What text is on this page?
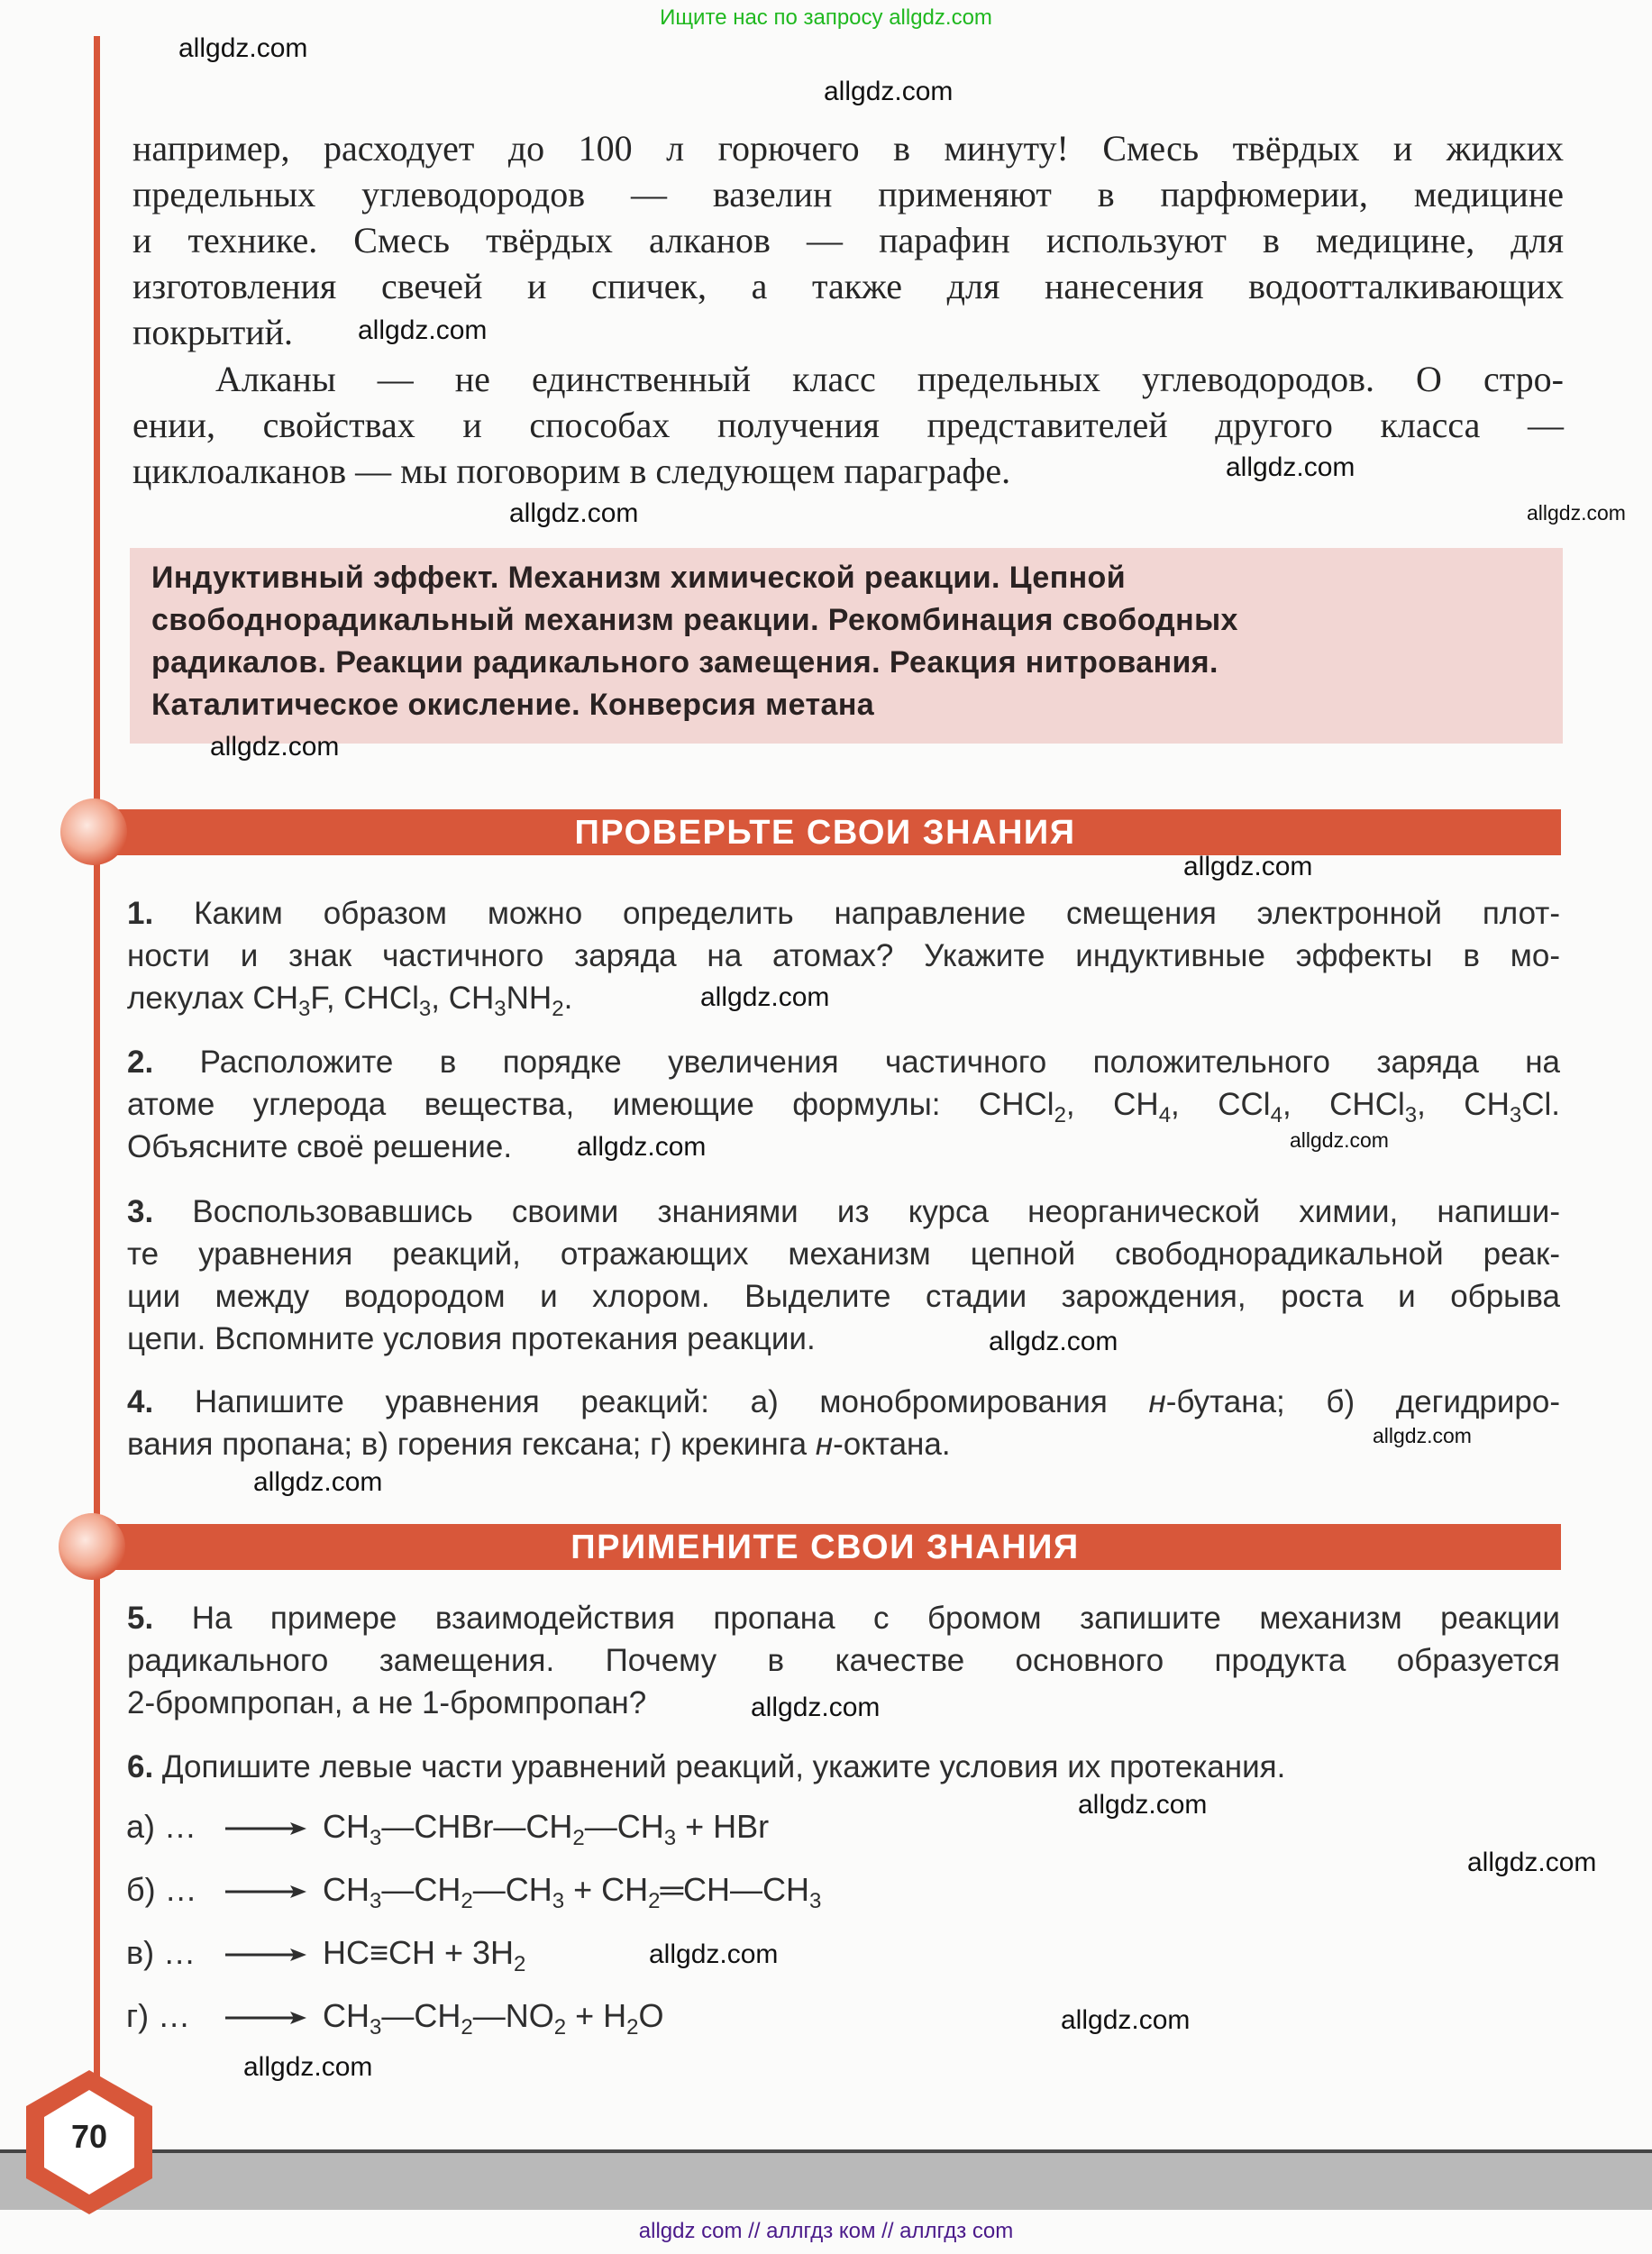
Ищите нас по запросу allgdz.com
например, расходует до 100 л горючего в минуту! Смесь твёрдых и жидких
предельных углеводородов — вазелин применяют в парфюмерии, медицине
и технике. Смесь твёрдых алканов — парафин используют в медицине, для
изготовления свечей и спичек, а также для нанесения водоотталкивающих
покрытий.
Алканы — не единственный класс предельных углеводородов. О стро-
ении, свойствах и способах получения представителей другого класса —
циклоалканов — мы поговорим в следующем параграфе.
Индуктивный эффект. Механизм химической реакции. Цепной
свободнорадикальный механизм реакции. Рекомбинация свободных
радикалов. Реакции радикального замещения. Реакция нитрования.
Каталитическое окисление. Конверсия метана
ПРОВЕРЬТЕ СВОИ ЗНАНИЯ
1. Каким образом можно определить направление смещения электронной плот-
ности и знак частичного заряда на атомах? Укажите индуктивные эффекты в мо-
лекулах $CH_3F$, CHCl$_3$, $CH_3NH_2$.
2. Расположите в порядке увеличения частичного положительного заряда на
атоме углерода вещества, имеющие формулы: CHCl$_2$, $CH_4$, CCl$_4$, CHCl$_3$, $CH_3Cl$.
Объясните своё решение.
3. Воспользовавшись своими знаниями из курса неорганической химии, напиши-
те уравнения реакций, отражающих механизм цепной свободнорадикальной реак-
ции между водородом и хлором. Выделите стадии зарождения, роста и обрыва
цепи. Вспомните условия протекания реакции.
4. Напишите уравнения реакций: а) монобромирования н-бутана; б) дегидриро-
вания пропана; в) горения гексана; г) крекинга н-октана.
ПРИМЕНИТЕ СВОИ ЗНАНИЯ
5. На примере взаимодействия пропана с бромом запишите механизм реакции
радикального замещения. Почему в качестве основного продукта образуется
2-бромпропан, а не 1-бромпропан?
6. Допишите левые части уравнений реакций, укажите условия их протекания.
а) …	$CH_3—CHBr—CH_2—CH_3$ + HBr
б) …	$CH_3—CH_2—CH_3$ + $CH_2═CH—CH_3$
в) …	$HC\equiv CH + 3H_2$
г) …	$CH_3—CH_2—NO_2 + H_2O$
allgdz.com
allgdz.com
allgdz.com
allgdz.com
allgdz.com
allgdz.com
allgdz.com
allgdz.com
allgdz.com
allgdz.com
allgdz.com
allgdz.com
allgdz.com
allgdz.com
allgdz.com
allgdz.com
allgdz.com
allgdz.com
allgdz.com
allgdz.com
70
allgdz com // аллгдз ком // аллгдз com
